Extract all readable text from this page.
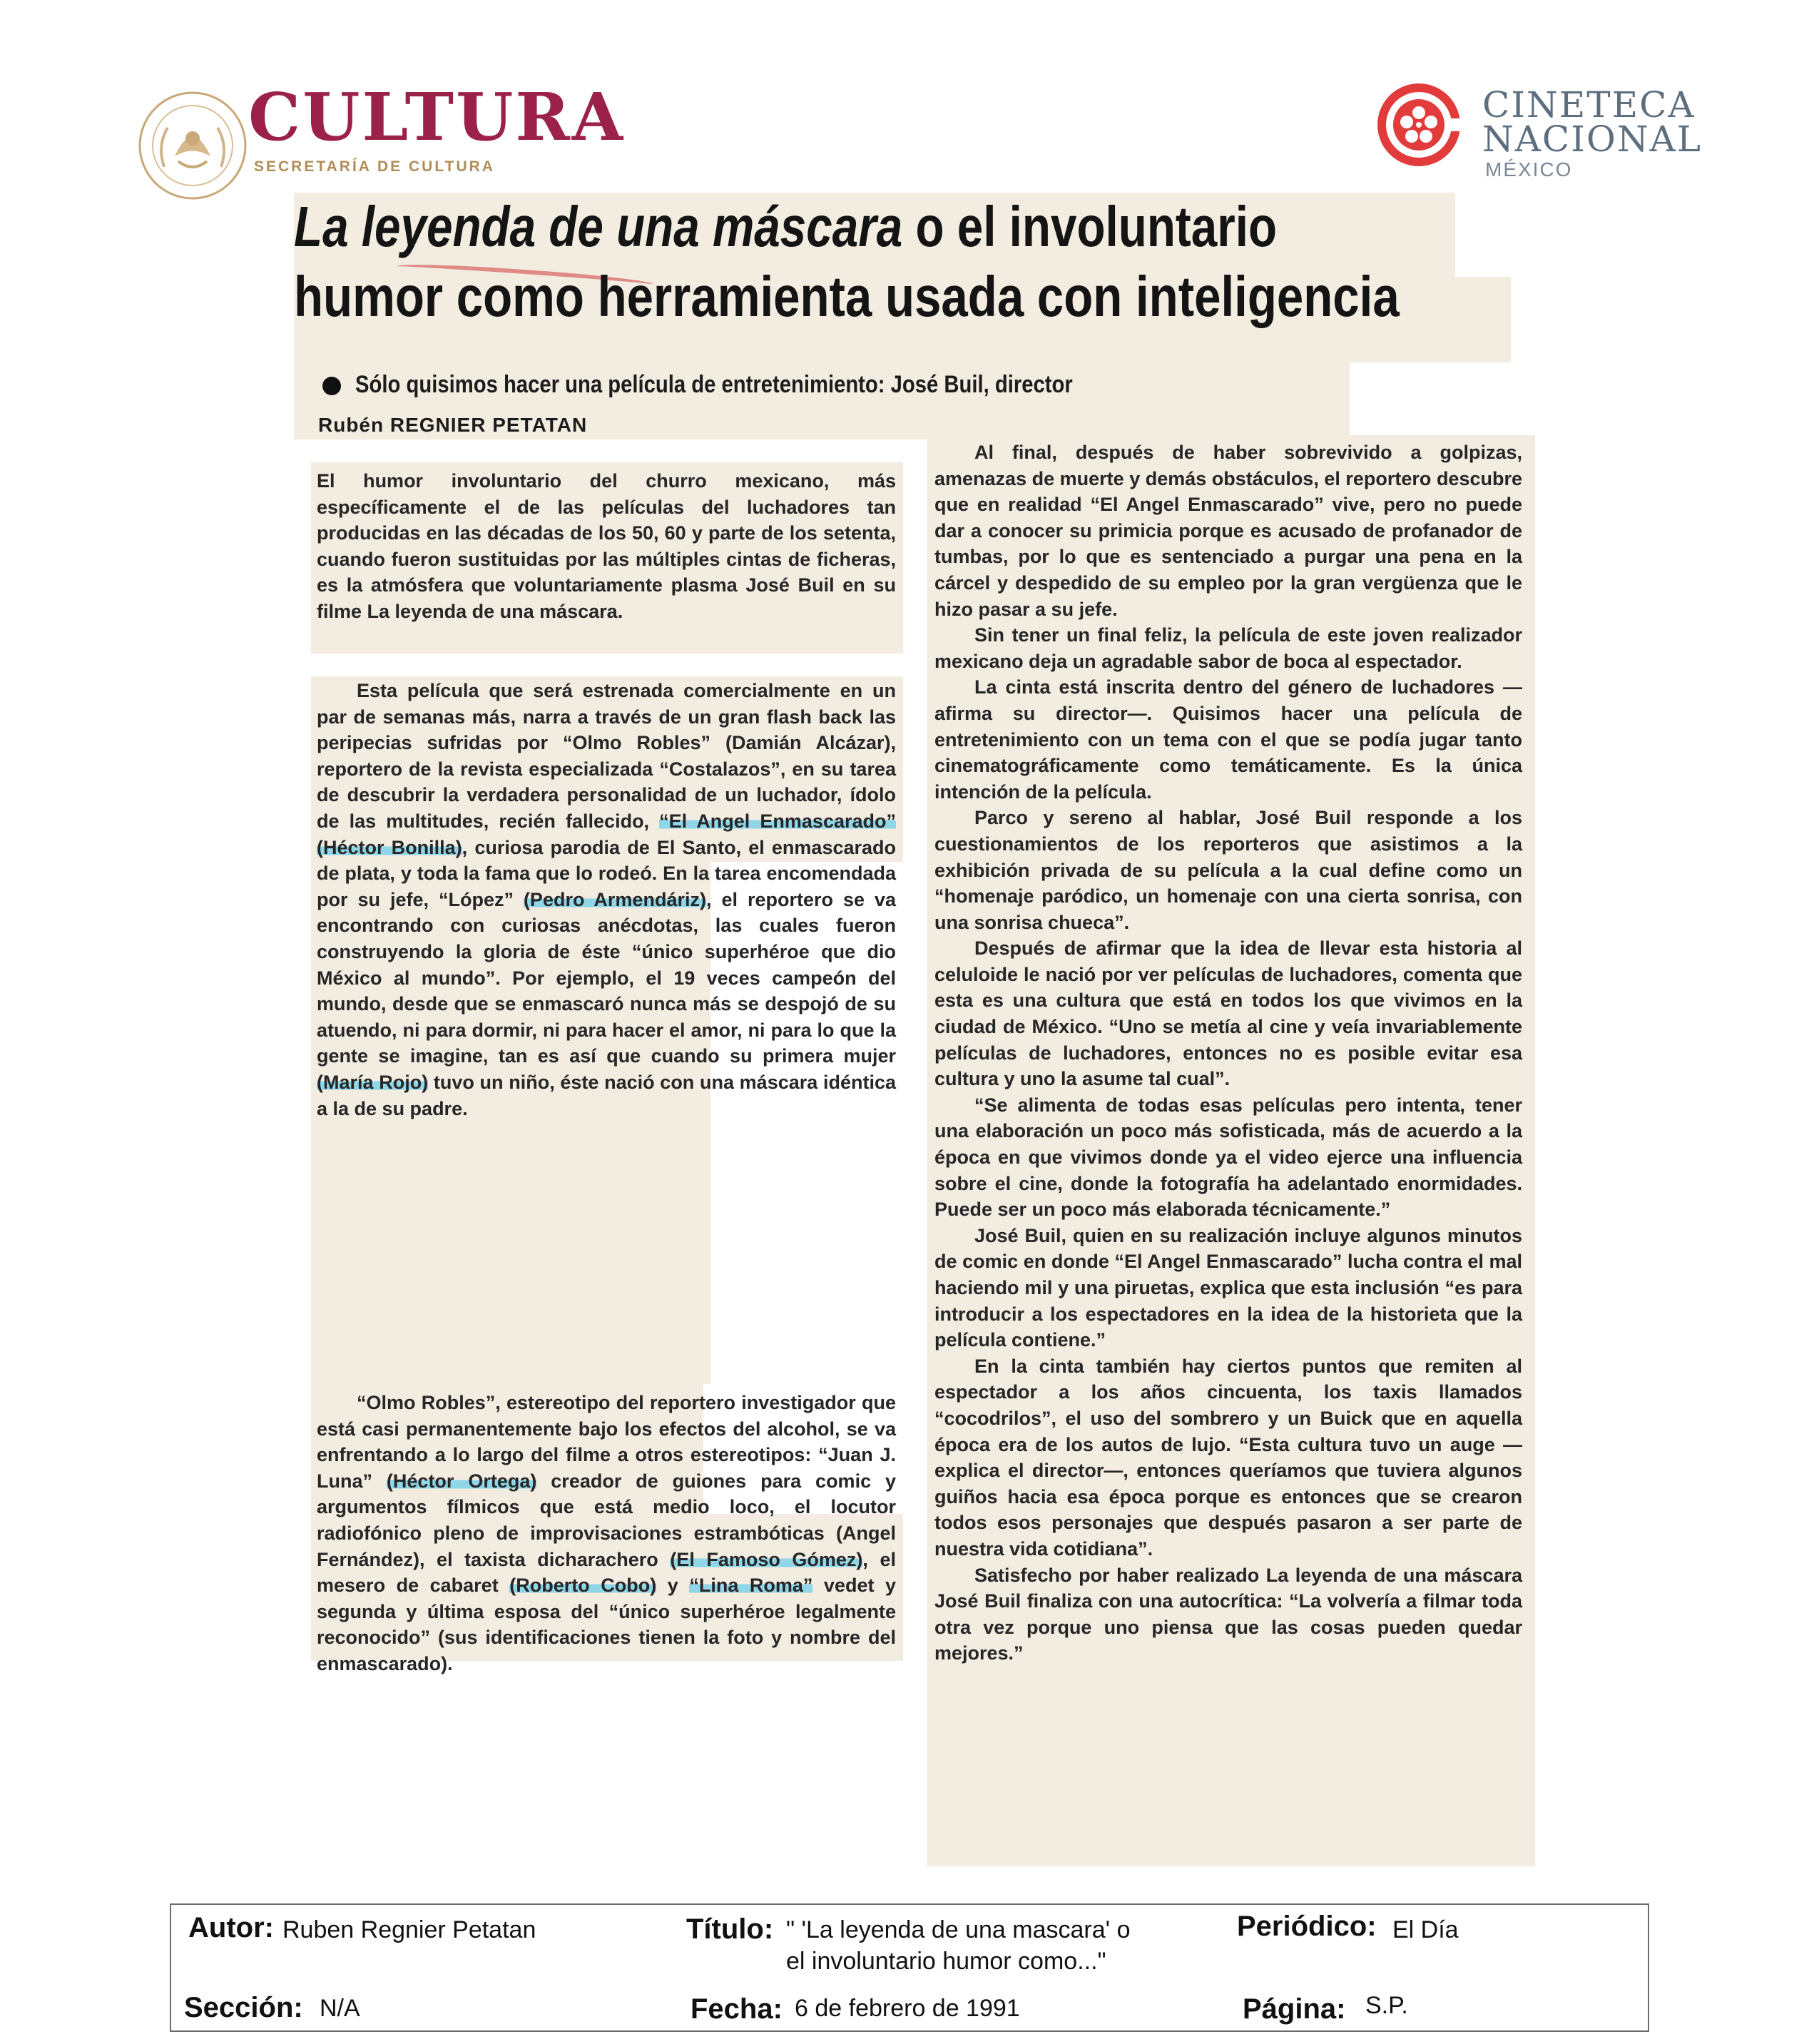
CULTURA
SECRETARÍA DE CULTURA
CINETECA
NACIONAL
MÉXICO
La leyenda de una máscara o el involuntario
humor como herramienta usada con inteligencia
Sólo quisimos hacer una película de entretenimiento: José Buil, director
Rubén REGNIER PETATAN

El humor involuntario del churro mexicano, más específicamente el de las películas del luchadores tan producidas en las décadas de los 50, 60 y parte de los setenta, cuando fueron sustituidas por las múltiples cintas de ficheras, es la atmósfera que voluntariamente plasma José Buil en su filme La leyenda de una máscara.

Esta película que será estrenada comercialmente en un par de semanas más, narra a través de un gran flash back las peripecias sufridas por “Olmo Robles” (Damián Alcázar), reportero de la revista especializada “Costalazos”, en su tarea de descubrir la verdadera personalidad de un luchador, ídolo de las multitudes, recién fallecido, “El Angel Enmascarado” (Héctor Bonilla), curiosa parodia de El Santo, el enmascarado de plata, y toda la fama que lo rodeó. En la tarea encomendada por su jefe, “López” (Pedro Armendáriz), el reportero se va encontrando con curiosas anécdotas, las cuales fueron construyendo la gloria de éste “único superhéroe que dio México al mundo”. Por ejemplo, el 19 veces campeón del mundo, desde que se enmascaró nunca más se despojó de su atuendo, ni para dormir, ni para hacer el amor, ni para lo que la gente se imagine, tan es así que cuando su primera mujer (María Rojo) tuvo un niño, éste nació con una máscara idéntica a la de su padre.

“Olmo Robles”, estereotipo del reportero investigador que está casi permanentemente bajo los efectos del alcohol, se va enfrentando a lo largo del filme a otros estereotipos: “Juan J. Luna” (Héctor Ortega) creador de guiones para comic y argumentos fílmicos que está medio loco, el locutor radiofónico pleno de improvisaciones estrambóticas (Angel Fernández), el taxista dicharachero (El Famoso Gómez), el mesero de cabaret (Roberto Cobo) y “Lina Roma” vedet y segunda y última esposa del “único superhéroe legalmente reconocido” (sus identificaciones tienen la foto y nombre del enmascarado).

Al final, después de haber sobrevivido a golpizas, amenazas de muerte y demás obstáculos, el reportero descubre que en realidad “El Angel Enmascarado” vive, pero no puede dar a conocer su primicia porque es acusado de profanador de tumbas, por lo que es sentenciado a purgar una pena en la cárcel y despedido de su empleo por la gran vergüenza que le hizo pasar a su jefe.

Sin tener un final feliz, la película de este joven realizador mexicano deja un agradable sabor de boca al espectador.

La cinta está inscrita dentro del género de luchadores —afirma su director—. Quisimos hacer una película de entretenimiento con un tema con el que se podía jugar tanto cinematográficamente como temáticamente. Es la única intención de la película.

Parco y sereno al hablar, José Buil responde a los cuestionamientos de los reporteros que asistimos a la exhibición privada de su película a la cual define como un “homenaje paródico, un homenaje con una cierta sonrisa, con una sonrisa chueca”.

Después de afirmar que la idea de llevar esta historia al celuloide le nació por ver películas de luchadores, comenta que esta es una cultura que está en todos los que vivimos en la ciudad de México. “Uno se metía al cine y veía invariablemente películas de luchadores, entonces no es posible evitar esa cultura y uno la asume tal cual”.

“Se alimenta de todas esas películas pero intenta, tener una elaboración un poco más sofisticada, más de acuerdo a la época en que vivimos donde ya el video ejerce una influencia sobre el cine, donde la fotografía ha adelantado enormidades. Puede ser un poco más elaborada técnicamente.”

José Buil, quien en su realización incluye algunos minutos de comic en donde “El Angel Enmascarado” lucha contra el mal haciendo mil y una piruetas, explica que esta inclusión “es para introducir a los espectadores en la idea de la historieta que la película contiene.”

En la cinta también hay ciertos puntos que remiten al espectador a los años cincuenta, los taxis llamados “cocodrilos”, el uso del sombrero y un Buick que en aquella época era de los autos de lujo. “Esta cultura tuvo un auge —explica el director—, entonces queríamos que tuviera algunos guiños hacia esa época porque es entonces que se crearon todos esos personajes que después pasaron a ser parte de nuestra vida cotidiana”.

Satisfecho por haber realizado La leyenda de una máscara José Buil finaliza con una autocrítica: “La volvería a filmar toda otra vez porque uno piensa que las cosas pueden quedar mejores.”

Autor: Ruben Regnier Petatan	Título: " 'La leyenda de una mascara' o
el involuntario humor como..."
Periódico: El Día
Sección: N/A	Fecha: 6 de febrero de 1991	Página: S.P.
